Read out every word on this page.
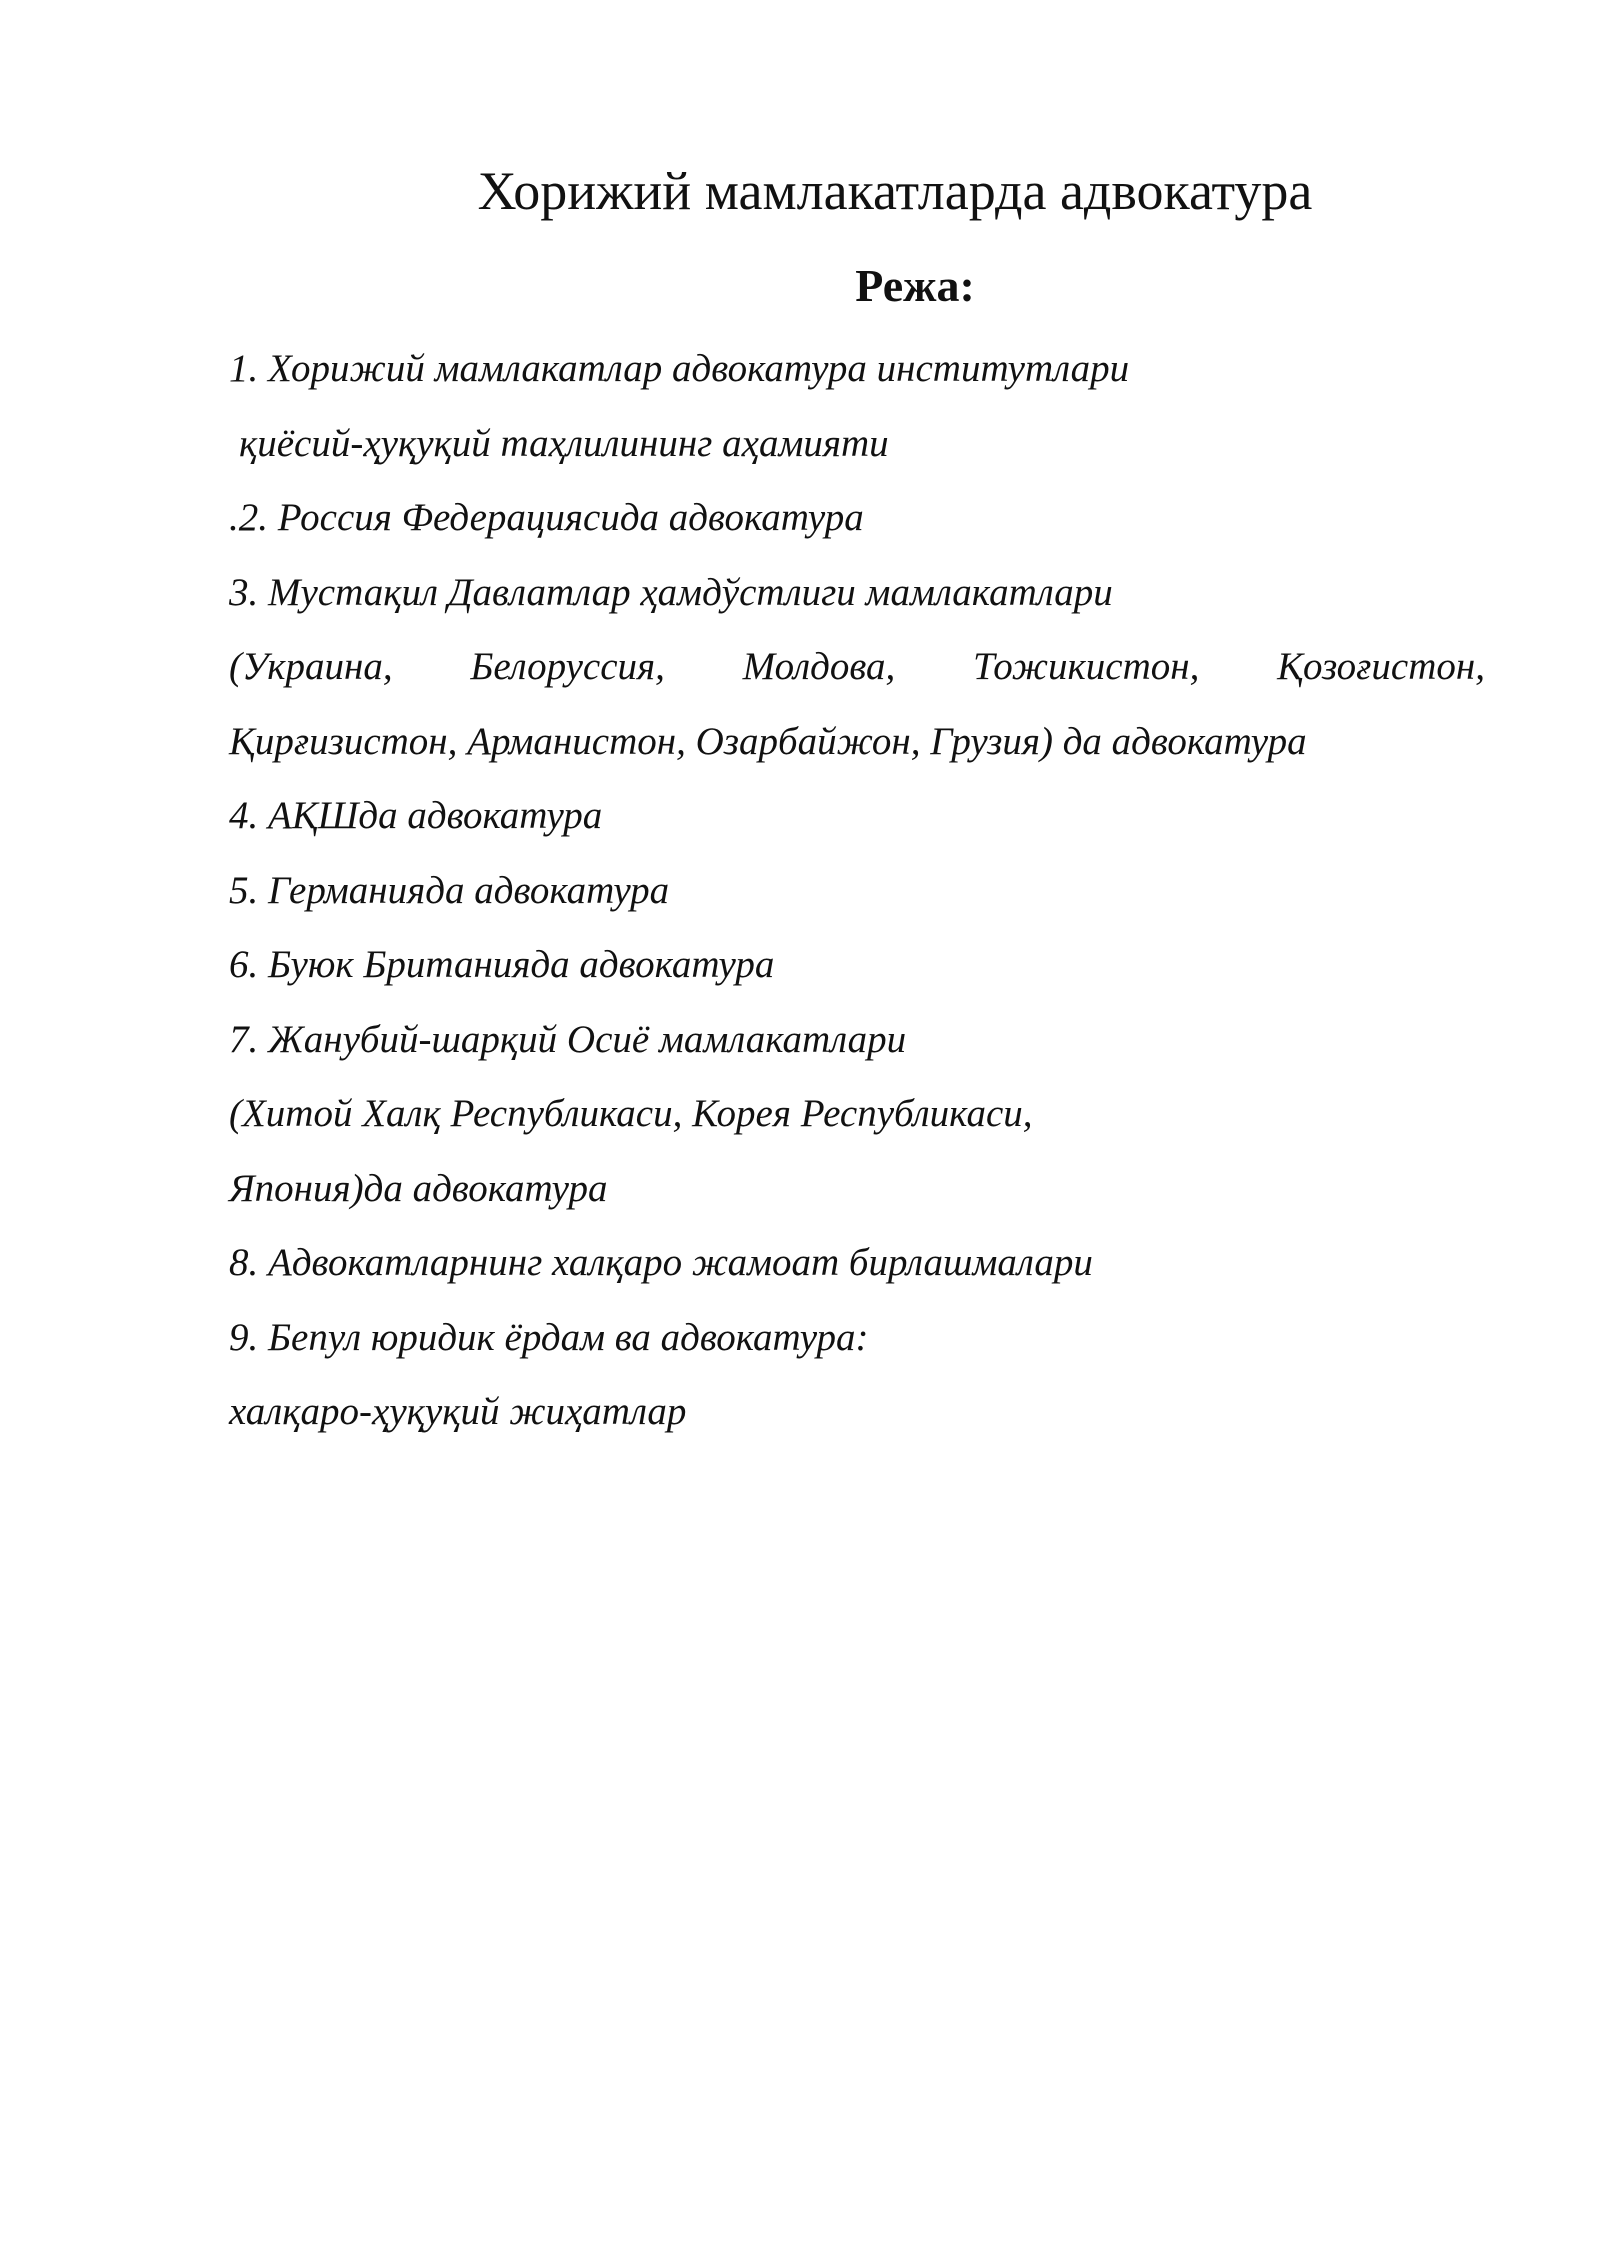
Хорижий мамлакатларда адвокатура
Режа:
1. Хорижий мамлакатлар адвокатура институтлари
қиёсий-ҳуқуқий таҳлилининг аҳамияти
.2. Россия Федерациясида адвокатура
3. Мустақил Давлатлар ҳамдўстлиги мамлакатлари
(Украина, Белоруссия, Молдова, Тожикистон, Қозоғистон,
Қирғизистон, Арманистон, Озарбайжон, Грузия) да адвокатура
4. АҚШда адвокатура
5. Германияда адвокатура
6. Буюк Британияда адвокатура
7. Жанубий-шарқий Осиё мамлакатлари
(Хитой Халқ Республикаси, Корея Республикаси,
Япония)да адвокатура
8. Адвокатларнинг халқаро жамоат бирлашмалари
9. Бепул юридик ёрдам ва адвокатура:
халқаро-ҳуқуқий жиҳатлар
